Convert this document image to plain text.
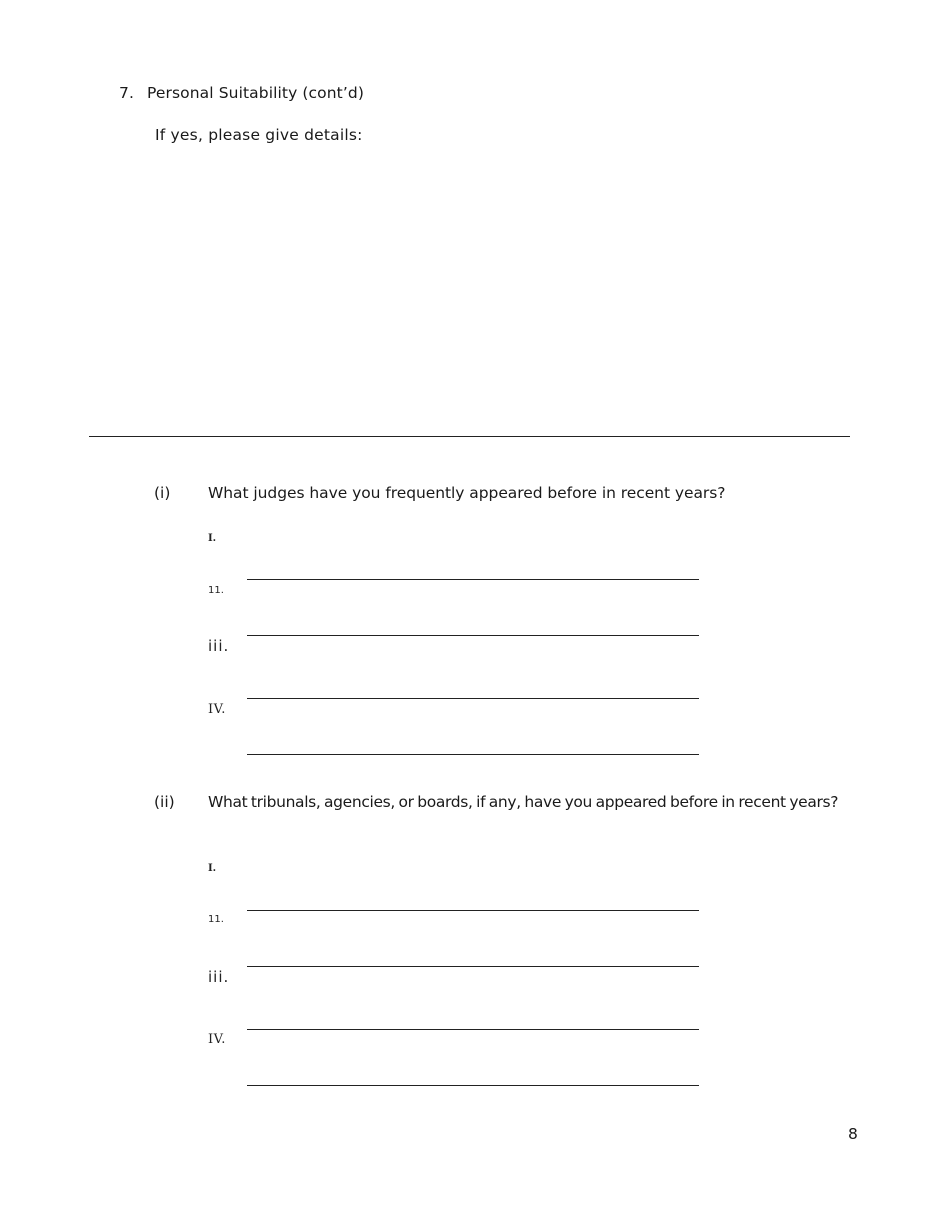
7. Personal Suitability (cont’d)
If yes, please give details:
(i) What judges have you frequently appeared before in recent years?
I.
11.
iii.
IV.
(ii) What tribunals, agencies, or boards, if any, have you appeared before in recent years?
I.
11.
iii.
IV.
8
